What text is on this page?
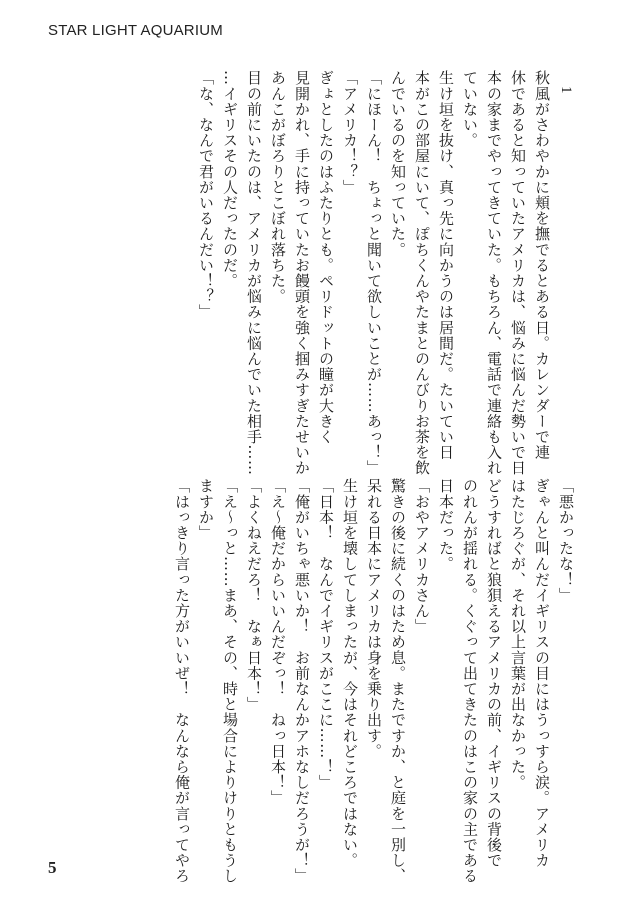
STAR LIGHT AQUARIUM
1
秋風がさわやかに頬を撫でるとある日。カレンダーで連
休であると知っていたアメリカは、悩みに悩んだ勢いで日
本の家までやってきていた。もちろん、電話で連絡も入れ
ていない。
生け垣を抜け、真っ先に向かうのは居間だ。たいてい日
本がこの部屋にいて、ぽちくんやたまとのんびりお茶を飲
んでいるのを知っていた。
「にほーん！　ちょっと聞いて欲しいことが……あっ！」
「アメリカ！？」
ぎょとしたのはふたりとも。ペリドットの瞳が大きく
見開かれ、手に持っていたお饅頭を強く掴みすぎたせいか
あんこがぼろりとこぼれ落ちた。
目の前にいたのは、アメリカが悩みに悩んでいた相手……
…イギリスその人だったのだ。
「な、なんで君がいるんだい！？」
「悪かったな！」
ぎゃんと叫んだイギリスの目にはうっすら涙。アメリカ
はたじろぐが、それ以上言葉が出なかった。
どうすればと狼狽えるアメリカの前、イギリスの背後で
のれんが揺れる。くぐって出てきたのはこの家の主である
日本だった。
「おやアメリカさん」
驚きの後に続くのはため息。またですか、と庭を一別し、
呆れる日本にアメリカは身を乗り出す。
生け垣を壊してしまったが、今はそれどころではない。
「日本！　なんでイギリスがここに……！」
「俺がいちゃ悪いか！　お前なんかアホなしだろうが！」
「え～俺だからいいんだぞっ！　ねっ日本！」
「よくねえだろ！　なぁ日本！」
「え～っと……まあ、その、時と場合によりけりともうし
ますか」
「はっきり言った方がいいぜ！　なんなら俺が言ってやろ
5
